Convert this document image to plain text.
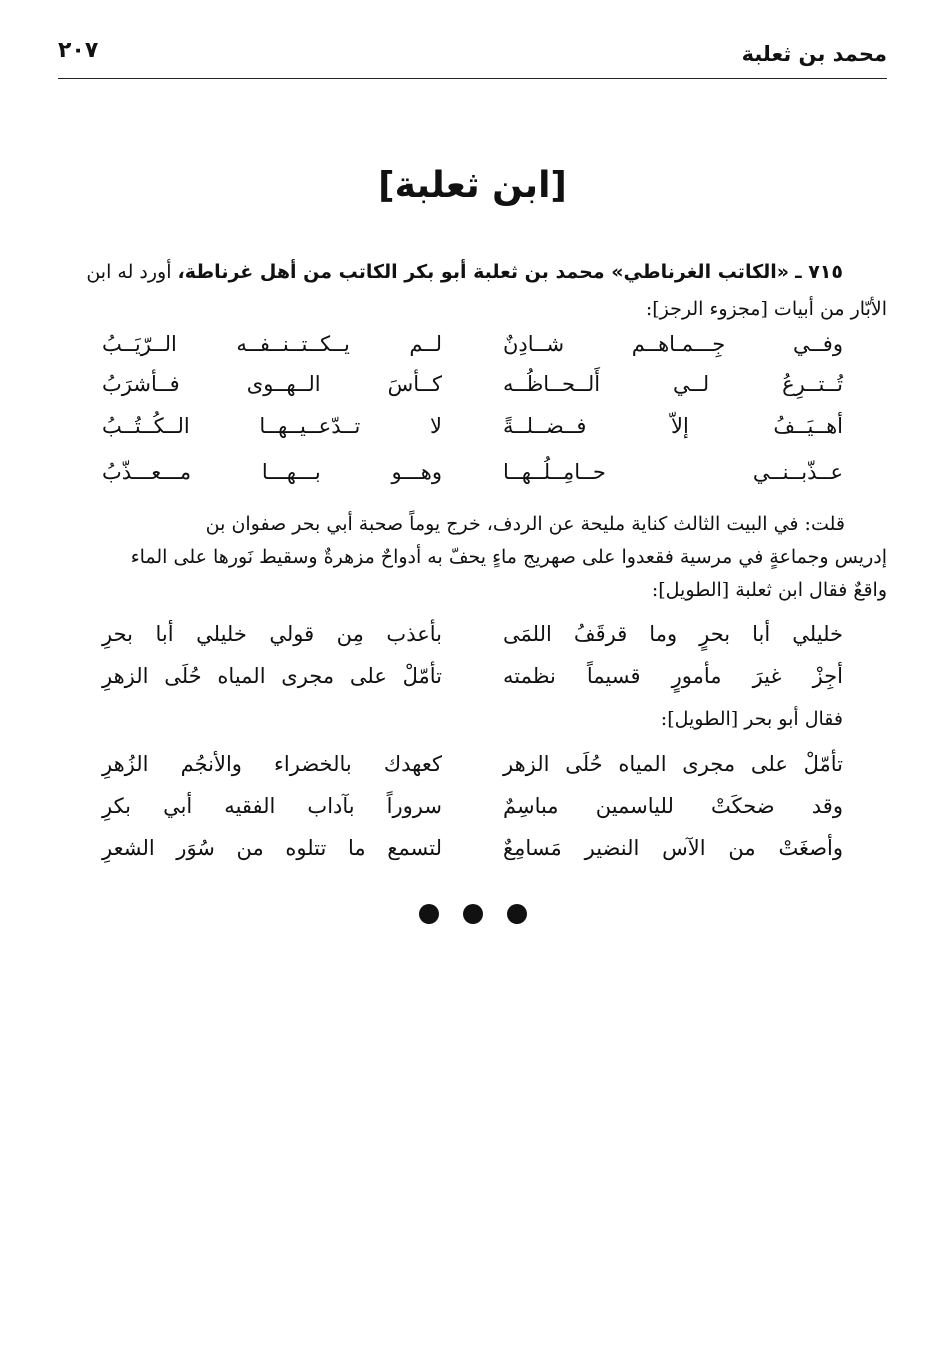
محمد بن ثعلبة
٢٠٧
[ابن ثعلبة]
٧١٥ ـ «الكاتب الغرناطي» محمد بن ثعلبة أبو بكر الكاتب من أهل غرناطة، أورد له ابن
الأبّار من أبيات [مجزوء الرجز]:
وفــي جِـــمـاهــم شــادِنٌ
لــم يــكــتــنــفــه الــرّيَــبُ
تُــتــرِعُ لــي أَلــحــاظُــه
كــأسَ الــهــوى فــأشرَبُ
أهــيَــفُ إلاّ فــضــلــةً
لا تــدّعــيــهــا الــكُــتُــبُ
عــذّبــنــي حــامِــلُــهــا
وهـــو بـــهـــا مـــعـــذّبُ
قلت: في البيت الثالث كناية مليحة عن الردف، خرج يوماً صحبة أبي بحر صفوان بن
إدريس وجماعةٍ في مرسية فقعدوا على صهريج ماءٍ يحفّ به أدواحٌ مزهرةٌ وسقيط نَورها على الماء
واقعٌ فقال ابن ثعلبة [الطويل]:
خليلي أبا بحرٍ وما قرقَفُ اللمَى
بأعذب مِن قولي خليلي أبا بحرِ
أجِزْ غيرَ مأمورٍ قسيماً نظمته
تأمّلْ على مجرى المياه حُلَى الزهرِ
فقال أبو بحر [الطويل]:
تأمّلْ على مجرى المياه حُلَى الزهر
كعهدك بالخضراء والأنجُم الزُهرِ
وقد ضحكَتْ للياسمين مباسِمٌ
سروراً بآداب الفقيه أبي بكرِ
وأصغَتْ من الآس النضير مَسامِعٌ
لتسمع ما تتلوه من سُوَر الشعرِ
